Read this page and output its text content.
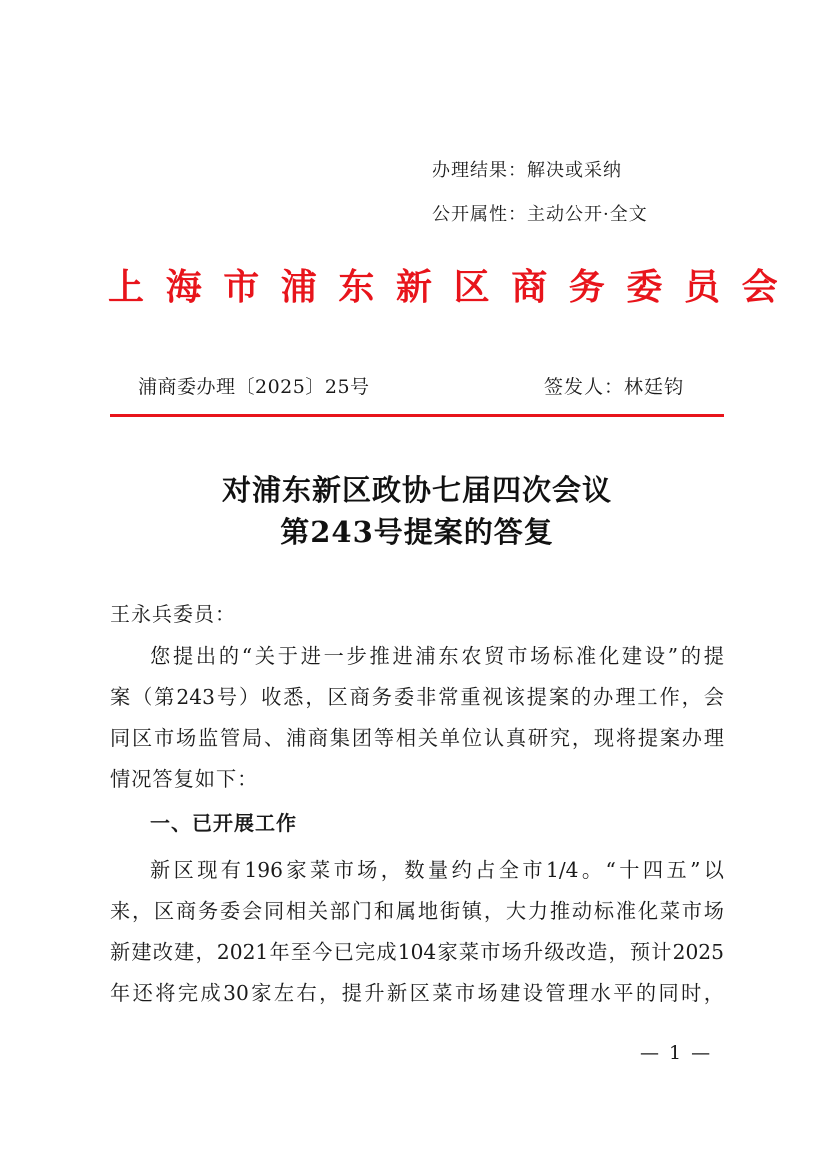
办理结果：解决或采纳
公开属性：主动公开·全文
上海市浦东新区商务委员会
浦商委办理〔2025〕25号	签发人：林廷钧
对浦东新区政协七届四次会议
第243号提案的答复
王永兵委员：
您提出的“关于进一步推进浦东农贸市场标准化建设”的提
案（第243号）收悉，区商务委非常重视该提案的办理工作，会
同区市场监管局、浦商集团等相关单位认真研究，现将提案办理
情况答复如下：
一、已开展工作
新区现有196家菜市场，数量约占全市1/4。“十四五”以
来，区商务委会同相关部门和属地街镇，大力推动标准化菜市场
新建改建，2021年至今已完成104家菜市场升级改造，预计2025
年还将完成30家左右，提升新区菜市场建设管理水平的同时，
— 1 —
